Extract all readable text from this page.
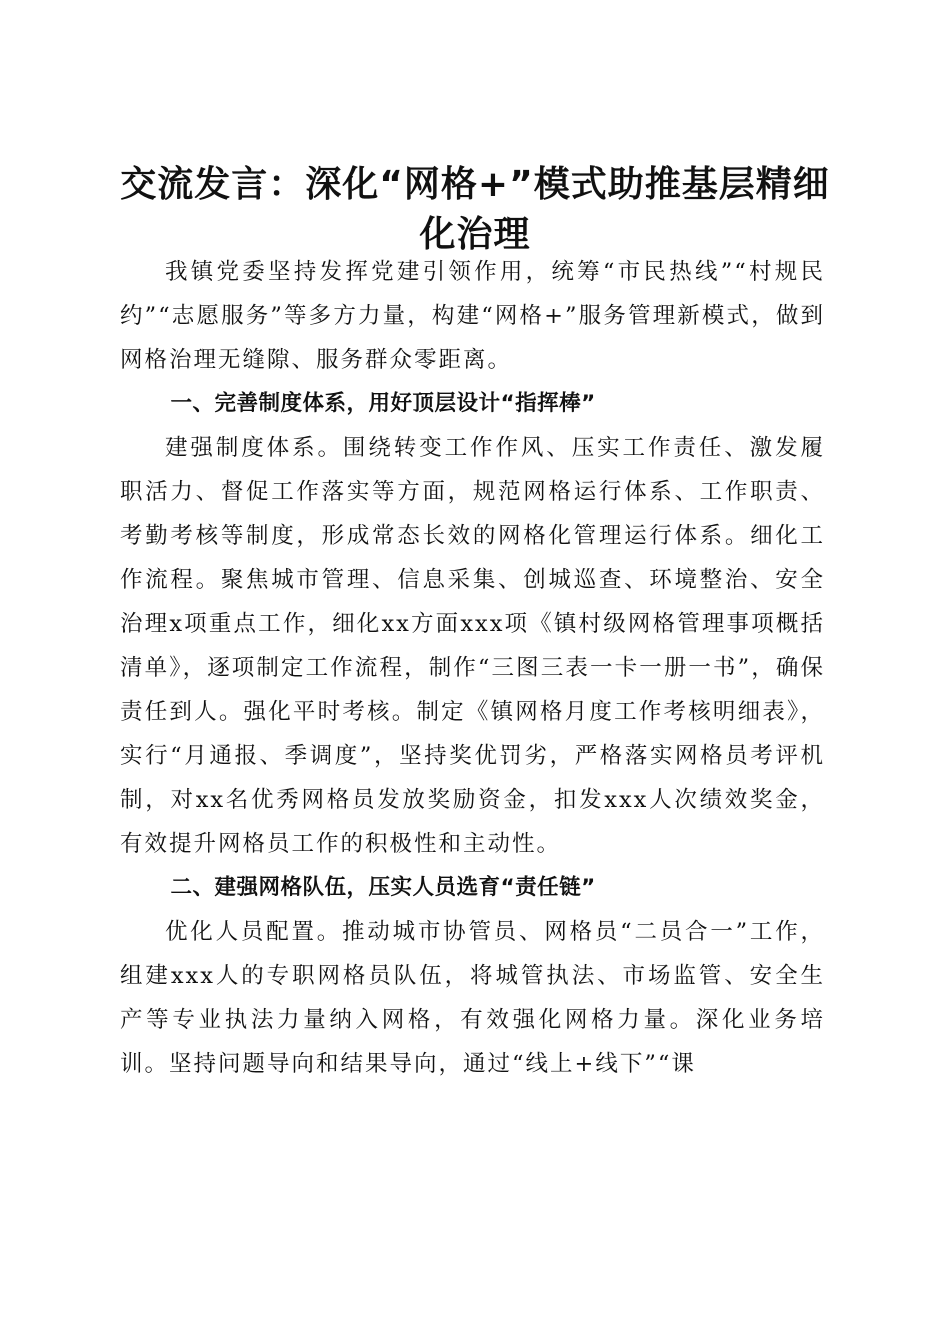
交流发言：深化“网格+”模式助推基层精细化治理

我镇党委坚持发挥党建引领作用，统筹“市民热线”“村规民约”“志愿服务”等多方力量，构建“网格+”服务管理新模式，做到网格治理无缝隙、服务群众零距离。

一、完善制度体系，用好顶层设计“指挥棒”

建强制度体系。围绕转变工作作风、压实工作责任、激发履职活力、督促工作落实等方面，规范网格运行体系、工作职责、考勤考核等制度，形成常态长效的网格化管理运行体系。细化工作流程。聚焦城市管理、信息采集、创城巡查、环境整治、安全治理x项重点工作，细化xx方面xxx项《镇村级网格管理事项概括清单》，逐项制定工作流程，制作“三图三表一卡一册一书”，确保责任到人。强化平时考核。制定《镇网格月度工作考核明细表》，实行“月通报、季调度”，坚持奖优罚劣，严格落实网格员考评机制，对xx名优秀网格员发放奖励资金，扣发xxx人次绩效奖金，有效提升网格员工作的积极性和主动性。

二、建强网格队伍，压实人员选育“责任链”

优化人员配置。推动城市协管员、网格员“二员合一”工作，组建xxx人的专职网格员队伍，将城管执法、市场监管、安全生产等专业执法力量纳入网格，有效强化网格力量。深化业务培训。坚持问题导向和结果导向，通过“线上+线下”“课
